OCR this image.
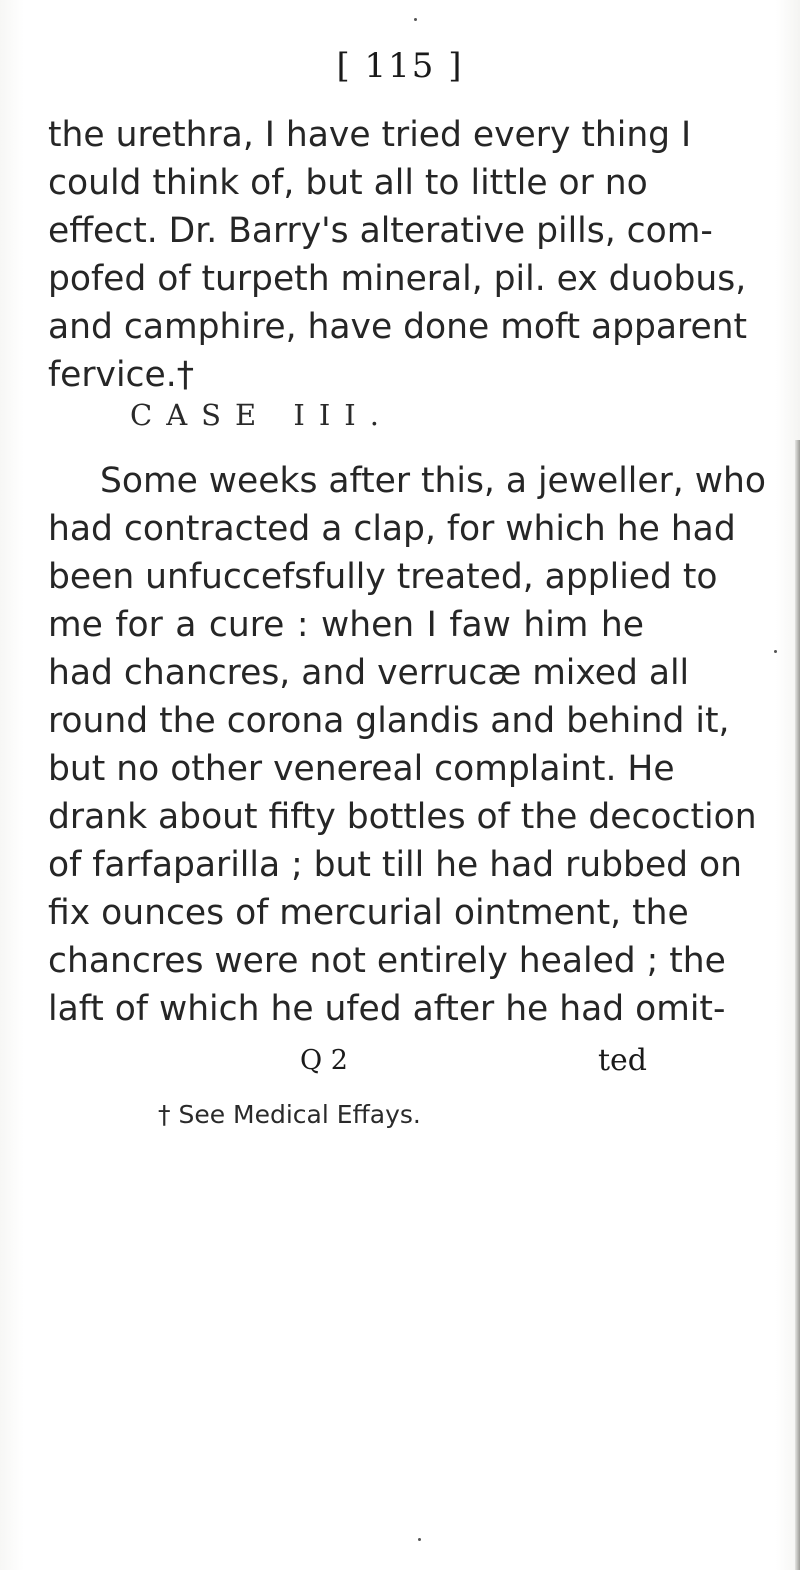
[ 115 ]
the urethra, I have tried every thing I
could think of, but all to little or no
effect. Dr. Barry's alterative pills, com-
pofed of turpeth mineral, pil. ex duobus,
and camphire, have done moft apparent
fervice.†
CASE III.
Some weeks after this, a jeweller, who
had contracted a clap, for which he had
been unfuccefsfully treated, applied to
me for a cure : when I faw him he
had chancres, and verrucæ mixed all
round the corona glandis and behind it,
but no other venereal complaint. He
drank about fifty bottles of the decoction
of farfaparilla ; but till he had rubbed on
fix ounces of mercurial ointment, the
chancres were not entirely healed ; the
laft of which he ufed after he had omit-
Q 2	ted
† See Medical Effays.
